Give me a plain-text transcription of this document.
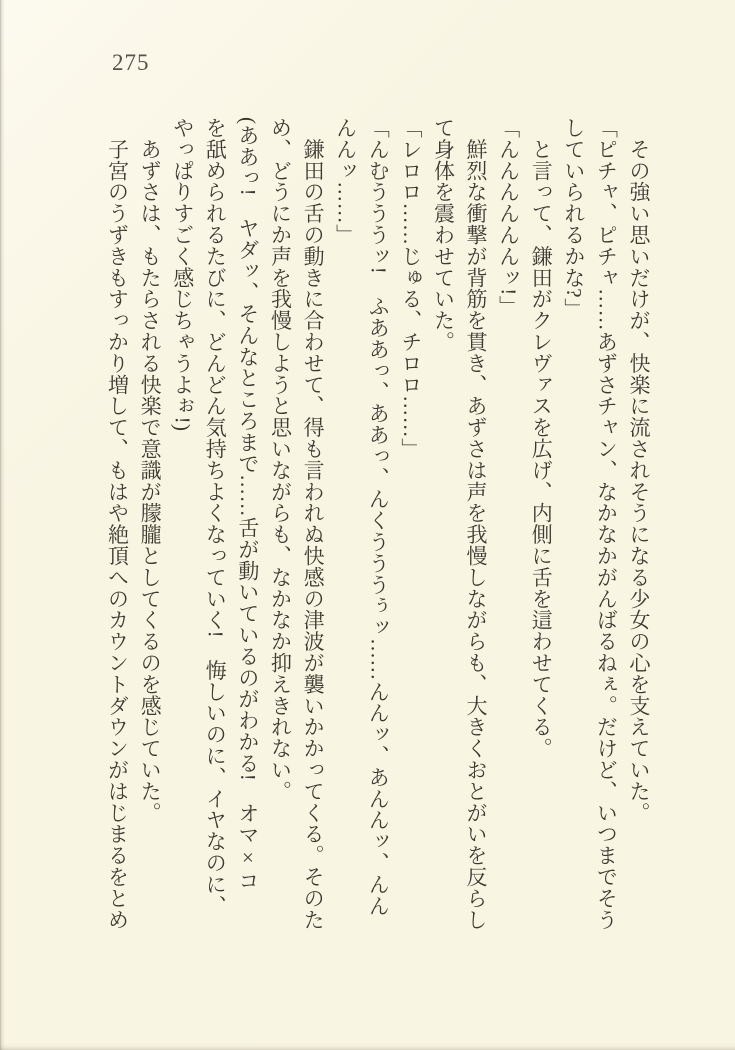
275

　その強い思いだけが、快楽に流されそうになる少女の心を支えていた。

「ピチャ、ピチャ……あずさチャン、なかなかがんばるねぇ。だけど、いつまでそう

していられるかな?」

　と言って、鎌田がクレヴァスを広げ、内側に舌を這わせてくる。

「んんんんんんッ!」

　鮮烈な衝撃が背筋を貫き、あずさは声を我慢しながらも、大きくおとがいを反らし

て身体を震わせていた。

「レロロ……じゅる、チロロ……」

「んむうううッ!　ふああっ、ああっ、んくうううぅッ……んんッ、あんんッ、んん

んんッ……」

　鎌田の舌の動きに合わせて、得も言われぬ快感の津波が襲いかかってくる。そのた

め、どうにか声を我慢しようと思いながらも、なかなか抑えきれない。

(ああっ!　ヤダッ、そんなところまで……舌が動いているのがわかる!　オマ×コ

を舐められるたびに、どんどん気持ちよくなっていく!　悔しいのに、イヤなのに、

やっぱりすごく感じちゃうよぉ!)

　あずさは、もたらされる快楽で意識が朦朧としてくるのを感じていた。

　子宮のうずきもすっかり増して、もはや絶頂へのカウントダウンがはじまるをとめ
